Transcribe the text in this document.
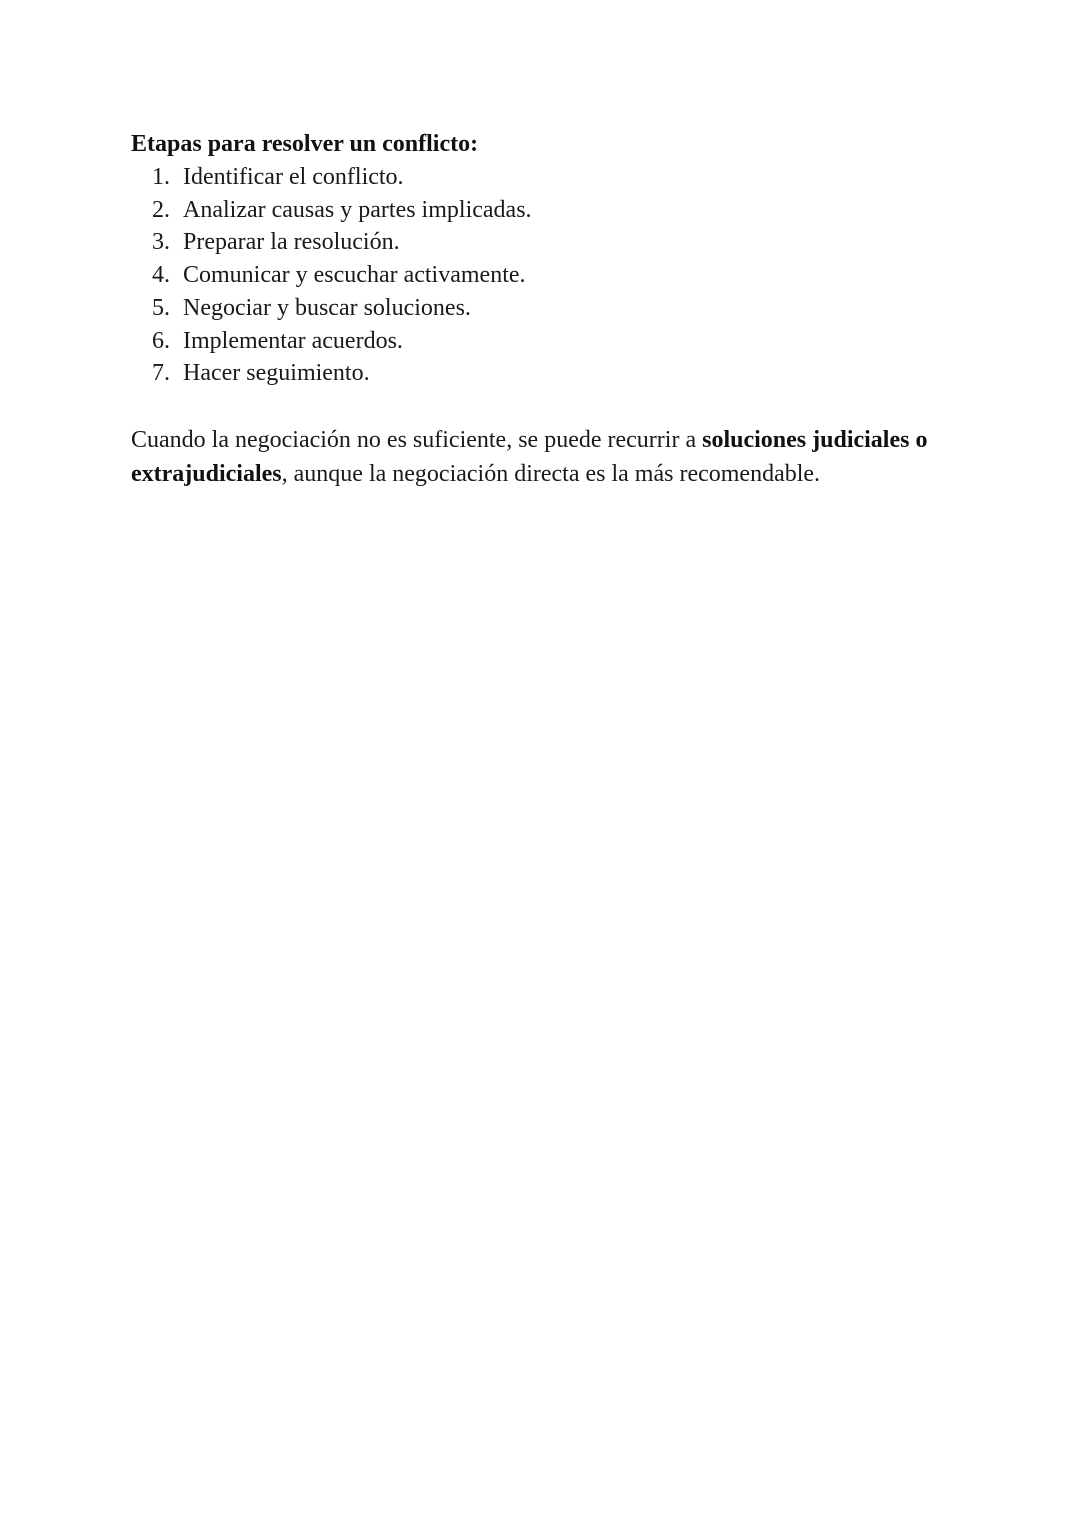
Etapas para resolver un conflicto:

1. Identificar el conflicto.
2. Analizar causas y partes implicadas.
3. Preparar la resolución.
4. Comunicar y escuchar activamente.
5. Negociar y buscar soluciones.
6. Implementar acuerdos.
7. Hacer seguimiento.

Cuando la negociación no es suficiente, se puede recurrir a soluciones judiciales o extrajudiciales, aunque la negociación directa es la más recomendable.
